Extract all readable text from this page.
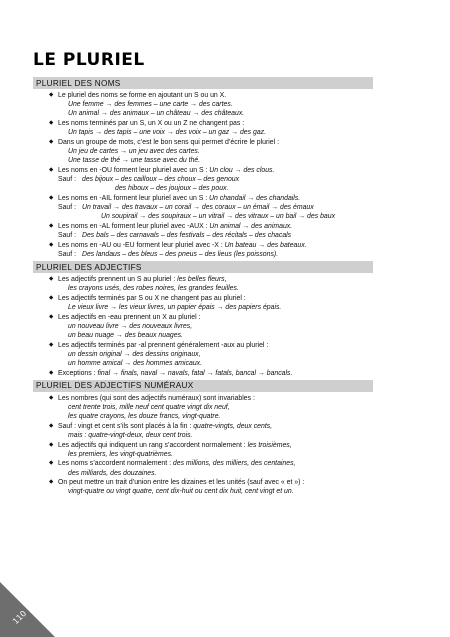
LE PLURIEL
PLURIEL DES NOMS
◆ Le pluriel des noms se forme en ajoutant un S ou un X.
Une femme → des femmes – une carte → des cartes.
Un animal → des animaux – un château → des châteaux.
◆ Les noms terminés par un S, un X ou un Z ne changent pas :
Un tapis → des tapis – une voix → des voix – un gaz → des gaz.
◆ Dans un groupe de mots, c’est le bon sens qui permet d’écrire le pluriel :
Un jeu de cartes → un jeu avec des cartes.
Une tasse de thé → une tasse avec du thé.
◆ Les noms en -OU forment leur pluriel avec un S : Un clou → des clous.
Sauf : des bijoux – des cailloux – des choux – des genoux
des hiboux – des joujoux – des poux.
◆ Les noms en -AIL forment leur pluriel avec un S : Un chandail → des chandails.
Sauf : Un travail → des travaux – un corail → des coraux – un émail → des émaux
Un soupirail → des soupiraux – un vitrail → des vitraux – un bail → des baux
◆ Les noms en -AL forment leur pluriel avec -AUX : Un animal → des animaux.
Sauf : Des bals – des carnavals – des festivals – des récitals – des chacals
◆ Les noms en -AU ou -EU forment leur pluriel avec -X : Un bateau → des bateaux.
Sauf : Des landaus – des bleus – des pneus – des lieus (les poissons).
PLURIEL DES ADJECTIFS
◆ Les adjectifs prennent un S au pluriel : les belles fleurs,
les crayons usés, des robes noires, les grandes feuilles.
◆ Les adjectifs terminés par S ou X ne changent pas au pluriel :
Le vieux livre → les vieux livres, un papier épais → des papiers épais.
◆ Les adjectifs en -eau prennent un X au pluriel :
un nouveau livre → des nouveaux livres,
un beau nuage → des beaux nuages.
◆ Les adjectifs terminés par -al prennent généralement -aux au pluriel :
un dessin original → des dessins originaux,
un homme amical → des hommes amicaux.
◆ Exceptions : final → finals, naval → navals, fatal → fatals, bancal → bancals.
PLURIEL DES ADJECTIFS NUMÉRAUX
◆ Les nombres (qui sont des adjectifs numéraux) sont invariables :
cent trente trois, mille neuf cent quatre vingt dix neuf,
les quatre crayons, les douze francs, vingt-quatre.
◆ Sauf : vingt et cent s’ils sont placés à la fin : quatre-vingts, deux cents,
mais : quatre-vingt-deux, deux cent trois.
◆ Les adjectifs qui indiquent un rang s’accordent normalement : les troisièmes,
les premiers, les vingt-quatrièmes.
◆ Les noms s’accordent normalement : des millions, des milliers, des centaines,
des milliards, des douzaines.
◆ On peut mettre un trait d’union entre les dizaines et les unités (sauf avec « et ») :
vingt-quatre ou vingt quatre, cent dix-huit ou cent dix huit, cent vingt et un.
110
